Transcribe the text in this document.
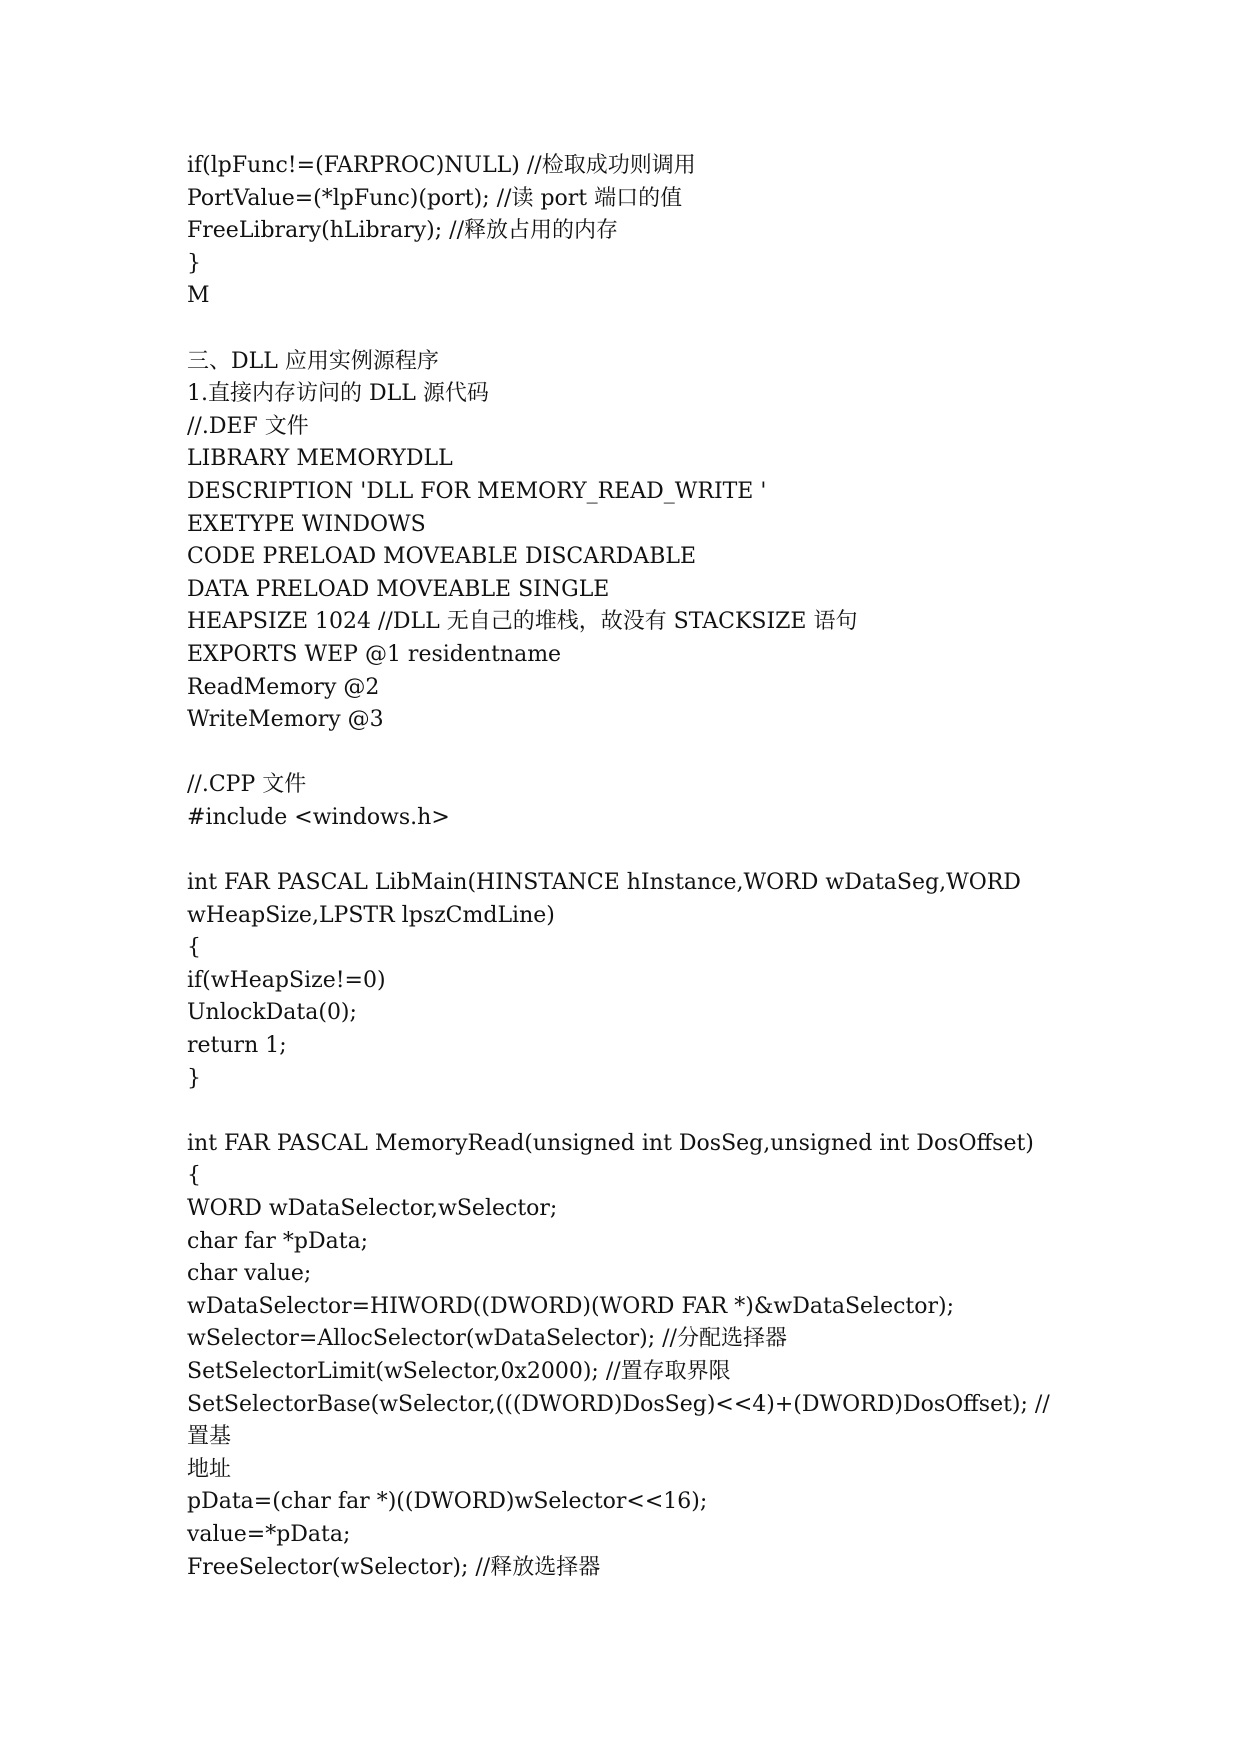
if(lpFunc!=(FARPROC)NULL) //检取成功则调用
PortValue=(*lpFunc)(port); //读 port 端口的值
FreeLibrary(hLibrary); //释放占用的内存
}
M
三、DLL 应用实例源程序
1.直接内存访问的 DLL 源代码
//.DEF 文件
LIBRARY MEMORYDLL
DESCRIPTION 'DLL FOR MEMORY_READ_WRITE '
EXETYPE WINDOWS
CODE PRELOAD MOVEABLE DISCARDABLE
DATA PRELOAD MOVEABLE SINGLE
HEAPSIZE 1024 //DLL 无自己的堆栈，故没有 STACKSIZE 语句
EXPORTS WEP @1 residentname
ReadMemory @2
WriteMemory @3
//.CPP 文件
#include <windows.h>
int FAR PASCAL LibMain(HINSTANCE hInstance,WORD wDataSeg,WORD
wHeapSize,LPSTR lpszCmdLine)
{
if(wHeapSize!=0)
UnlockData(0);
return 1;
}
int FAR PASCAL MemoryRead(unsigned int DosSeg,unsigned int DosOffset)
{
WORD wDataSelector,wSelector;
char far *pData;
char value;
wDataSelector=HIWORD((DWORD)(WORD FAR *)&wDataSelector);
wSelector=AllocSelector(wDataSelector); //分配选择器
SetSelectorLimit(wSelector,0x2000); //置存取界限
SetSelectorBase(wSelector,(((DWORD)DosSeg)<<4)+(DWORD)DosOffset); //
置基
地址
pData=(char far *)((DWORD)wSelector<<16);
value=*pData;
FreeSelector(wSelector); //释放选择器
